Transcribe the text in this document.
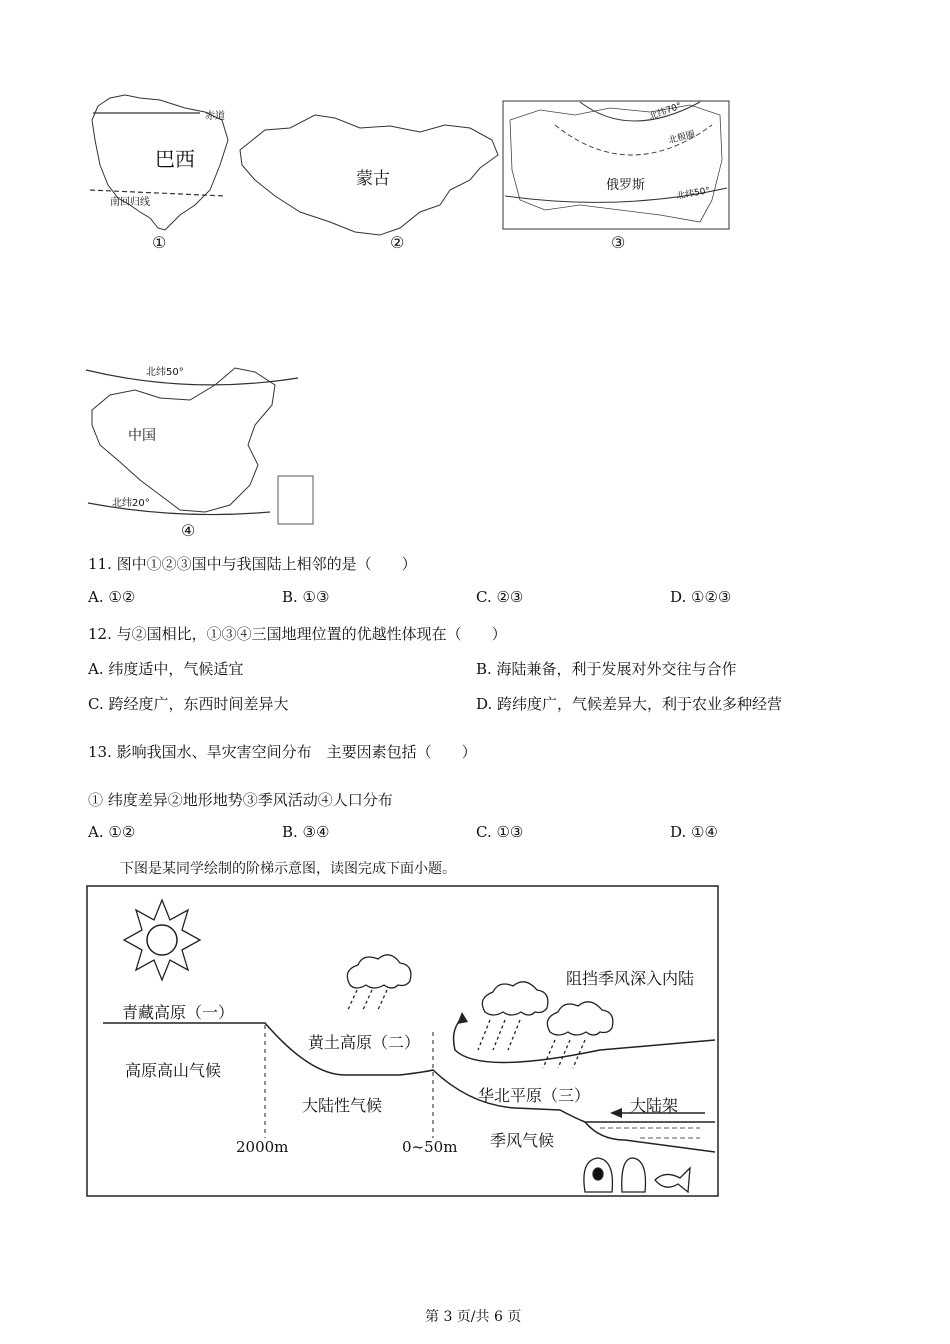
赤道
南回归线
巴西
①
蒙古
②
北纬70°
北极圈
北纬50°
俄罗斯
③
北纬50°
北纬20°
中国
④
11. 图中①②③国中与我国陆上相邻的是（　　）
A. ①②	B. ①③	C. ②③	D. ①②③
12. 与②国相比，①③④三国地理位置的优越性体现在（　　）
A. 纬度适中，气候适宜	B. 海陆兼备，利于发展对外交往与合作
C. 跨经度广，东西时间差异大	D. 跨纬度广，气候差异大，利于农业多种经营
13. 影响我国水、旱灾害空间分布　主要因素包括（　　）
① 纬度差异②地形地势③季风活动④人口分布
A. ①②	B. ③④	C. ①③	D. ①④
下图是某同学绘制的阶梯示意图，读图完成下面小题。
青藏高原（一）
高原高山气候
黄土高原（二）
大陆性气候
华北平原（三）
季风气候
阻挡季风深入内陆
大陆架
2000m	0~50m
第 3 页/共 6 页
